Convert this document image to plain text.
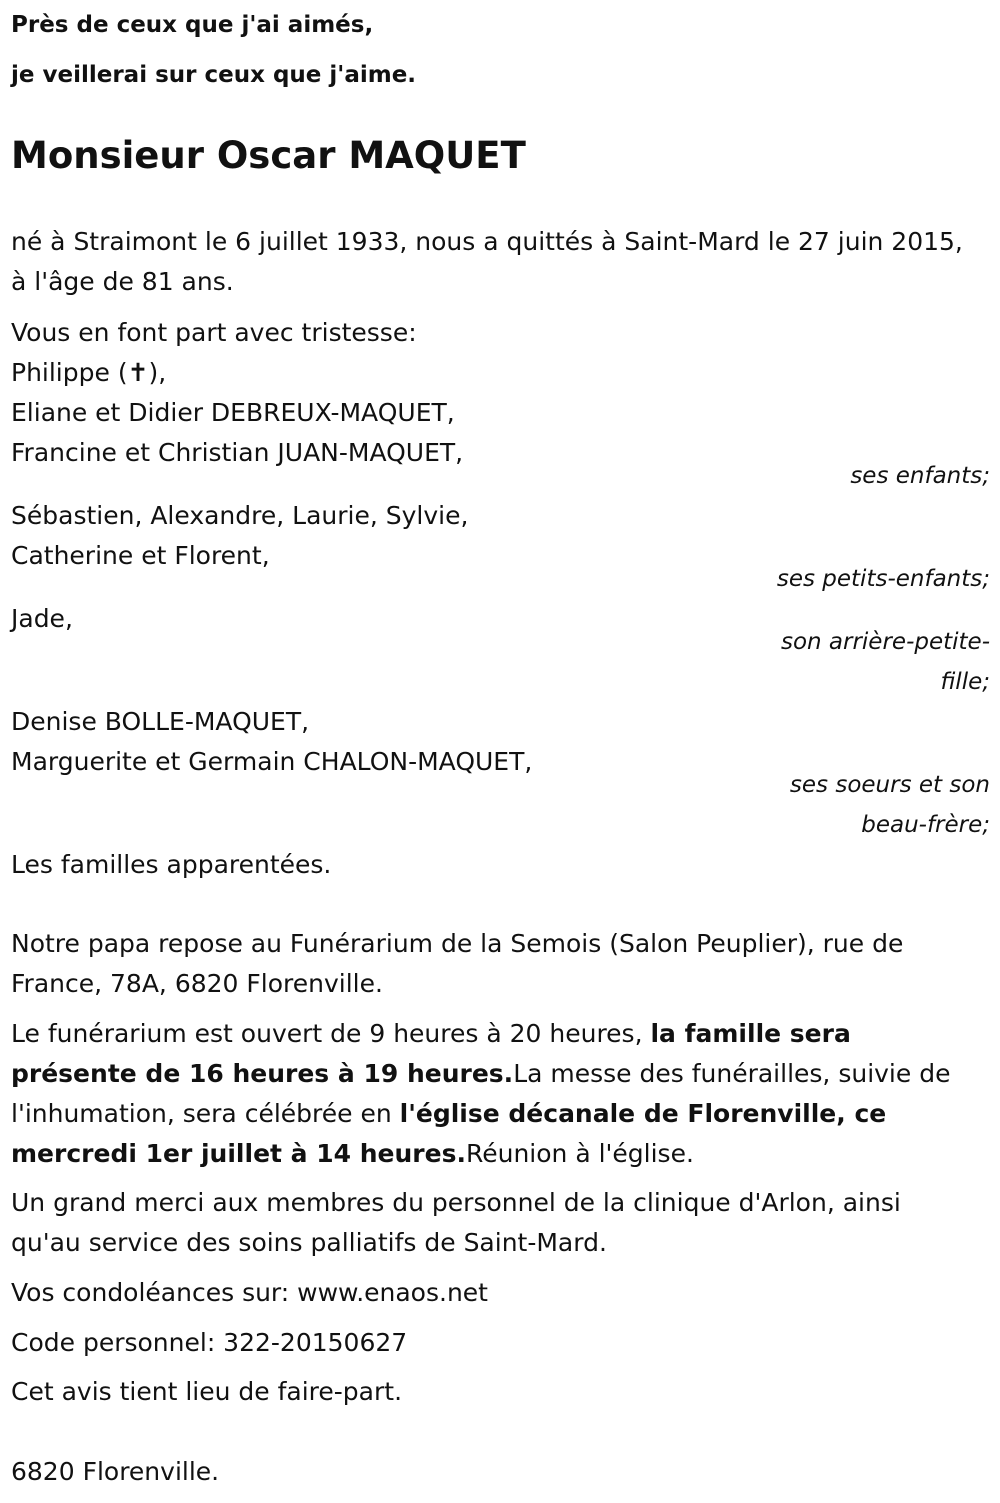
Près de ceux que j'ai aimés,

je veillerai sur ceux que j'aime.

Monsieur Oscar MAQUET

né à Straimont le 6 juillet 1933, nous a quittés à Saint-Mard le 27 juin 2015, à l'âge de 81 ans.

Vous en font part avec tristesse:

Philippe (✝),
Eliane et Didier DEBREUX-MAQUET,
Francine et Christian JUAN-MAQUET,

ses enfants;

Sébastien, Alexandre, Laurie, Sylvie,
Catherine et Florent,

ses petits-enfants;

Jade,

son arrière-petite-

fille;

Denise BOLLE-MAQUET,
Marguerite et Germain CHALON-MAQUET,

ses soeurs et son

beau-frère;

Les familles apparentées.

Notre papa repose au Funérarium de la Semois (Salon Peuplier), rue de
France, 78A, 6820 Florenville.
Le funérarium est ouvert de 9 heures à 20 heures, la famille sera
présente de 16 heures à 19 heures.La messe des funérailles, suivie de
l'inhumation, sera célébrée en l'église décanale de Florenville, ce
mercredi 1er juillet à 14 heures.Réunion à l'église.
Un grand merci aux membres du personnel de la clinique d'Arlon, ainsi
qu'au service des soins palliatifs de Saint-Mard.

Vos condoléances sur: www.enaos.net

Code personnel: 322-20150627

Cet avis tient lieu de faire-part.

6820 Florenville.
